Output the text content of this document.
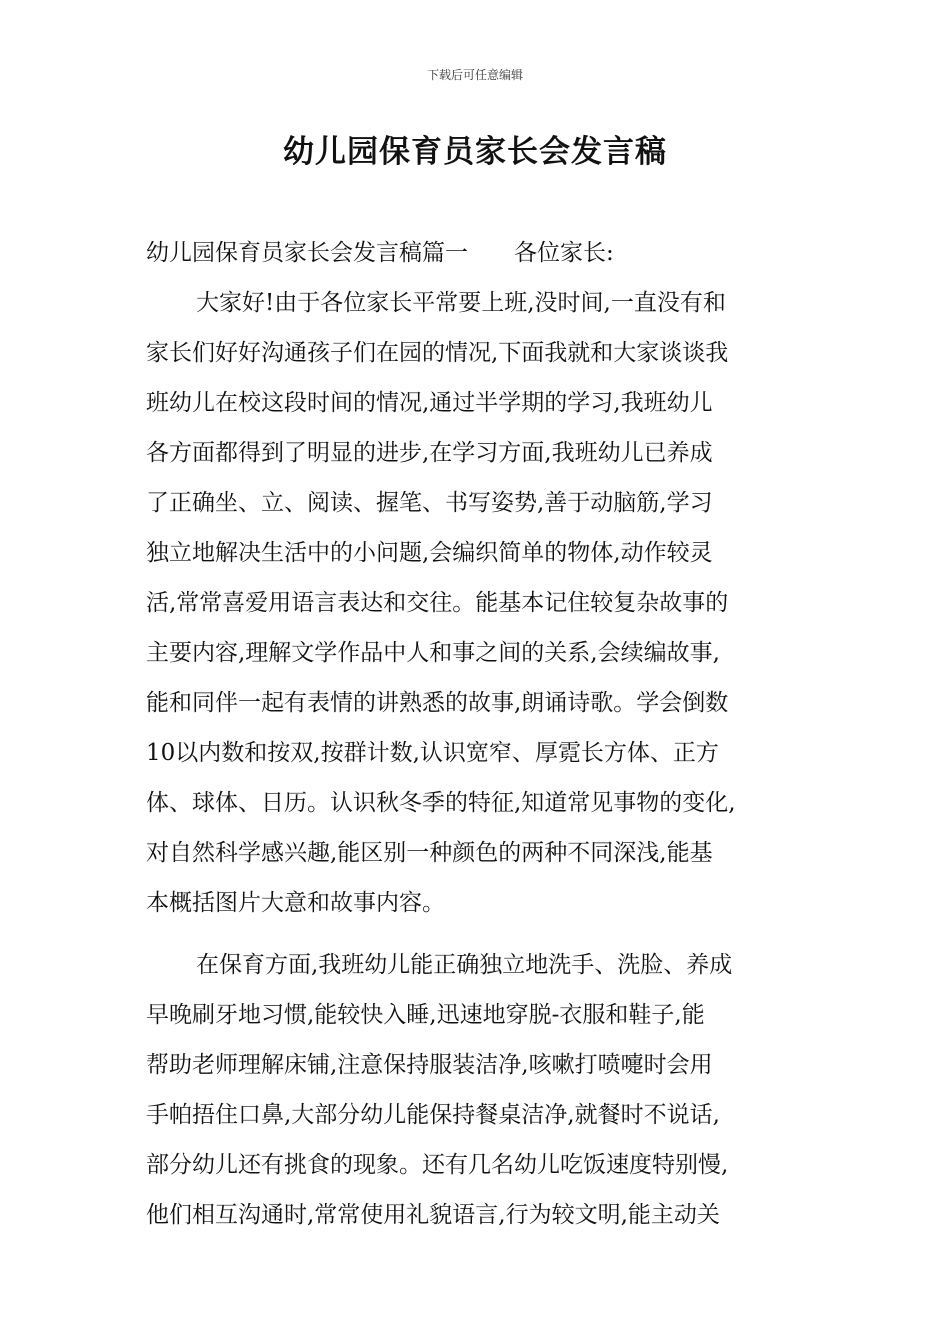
下载后可任意编辑
幼儿园保育员家长会发言稿
幼儿园保育员家长会发言稿篇一　　各位家长:
大家好!由于各位家长平常要上班,没时间,一直没有和
家长们好好沟通孩子们在园的情况,下面我就和大家谈谈我
班幼儿在校这段时间的情况,通过半学期的学习,我班幼儿
各方面都得到了明显的进步,在学习方面,我班幼儿已养成
了正确坐、立、阅读、握笔、书写姿势,善于动脑筋,学习
独立地解决生活中的小问题,会编织简单的物体,动作较灵
活,常常喜爱用语言表达和交往。能基本记住较复杂故事的
主要内容,理解文学作品中人和事之间的关系,会续编故事,
能和同伴一起有表情的讲熟悉的故事,朗诵诗歌。学会倒数
10以内数和按双,按群计数,认识宽窄、厚霓长方体、正方
体、球体、日历。认识秋冬季的特征,知道常见事物的变化,
对自然科学感兴趣,能区别一种颜色的两种不同深浅,能基
本概括图片大意和故事内容。
在保育方面,我班幼儿能正确独立地洗手、洗脸、养成
早晚刷牙地习惯,能较快入睡,迅速地穿脱-衣服和鞋子,能
帮助老师理解床铺,注意保持服装洁净,咳嗽打喷嚏时会用
手帕捂住口鼻,大部分幼儿能保持餐桌洁净,就餐时不说话,
部分幼儿还有挑食的现象。还有几名幼儿吃饭速度特别慢,
他们相互沟通时,常常使用礼貌语言,行为较文明,能主动关
